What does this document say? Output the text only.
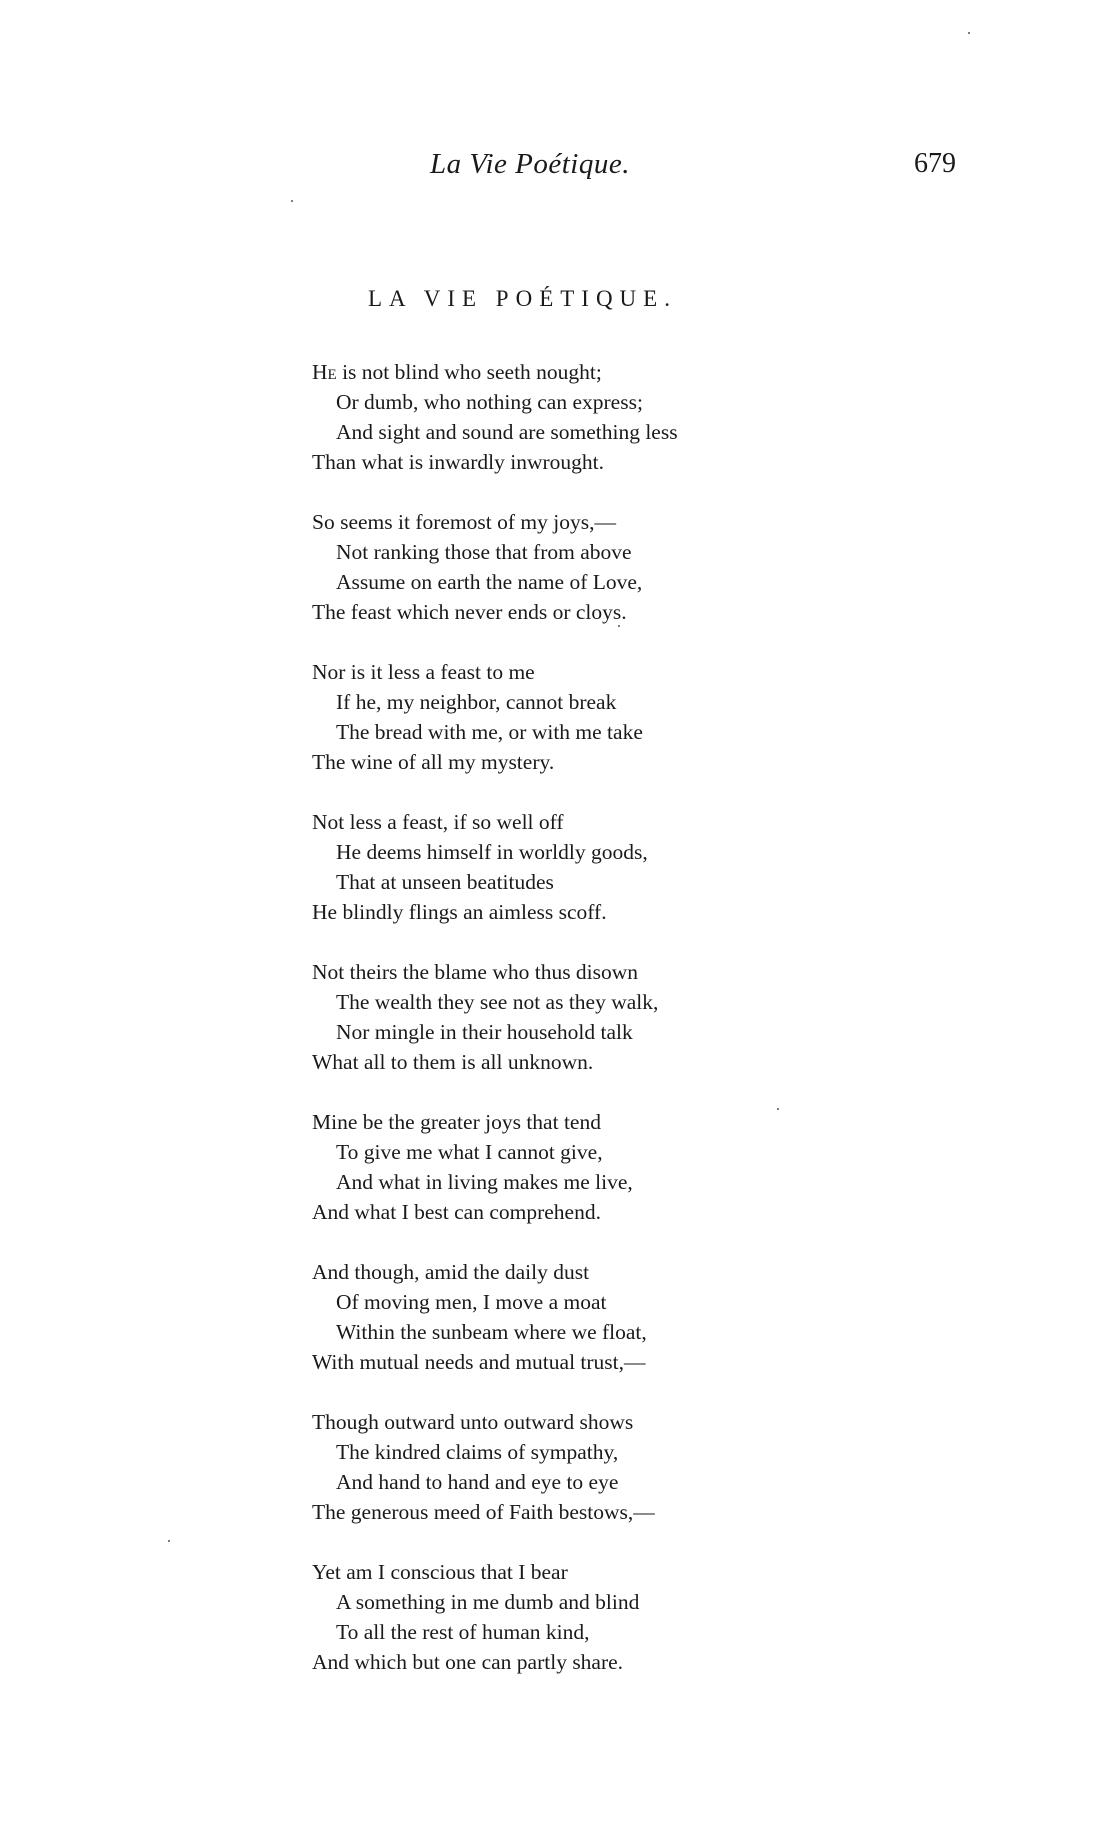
La Vie Poétique.	679
LA VIE POÉTIQUE.
He is not blind who seeth nought;
Or dumb, who nothing can express;
And sight and sound are something less
Than what is inwardly inwrought.
So seems it foremost of my joys,—
Not ranking those that from above
Assume on earth the name of Love,
The feast which never ends or cloys.
Nor is it less a feast to me
If he, my neighbor, cannot break
The bread with me, or with me take
The wine of all my mystery.
Not less a feast, if so well off
He deems himself in worldly goods,
That at unseen beatitudes
He blindly flings an aimless scoff.
Not theirs the blame who thus disown
The wealth they see not as they walk,
Nor mingle in their household talk
What all to them is all unknown.
Mine be the greater joys that tend
To give me what I cannot give,
And what in living makes me live,
And what I best can comprehend.
And though, amid the daily dust
Of moving men, I move a moat
Within the sunbeam where we float,
With mutual needs and mutual trust,—
Though outward unto outward shows
The kindred claims of sympathy,
And hand to hand and eye to eye
The generous meed of Faith bestows,—
Yet am I conscious that I bear
A something in me dumb and blind
To all the rest of human kind,
And which but one can partly share.
